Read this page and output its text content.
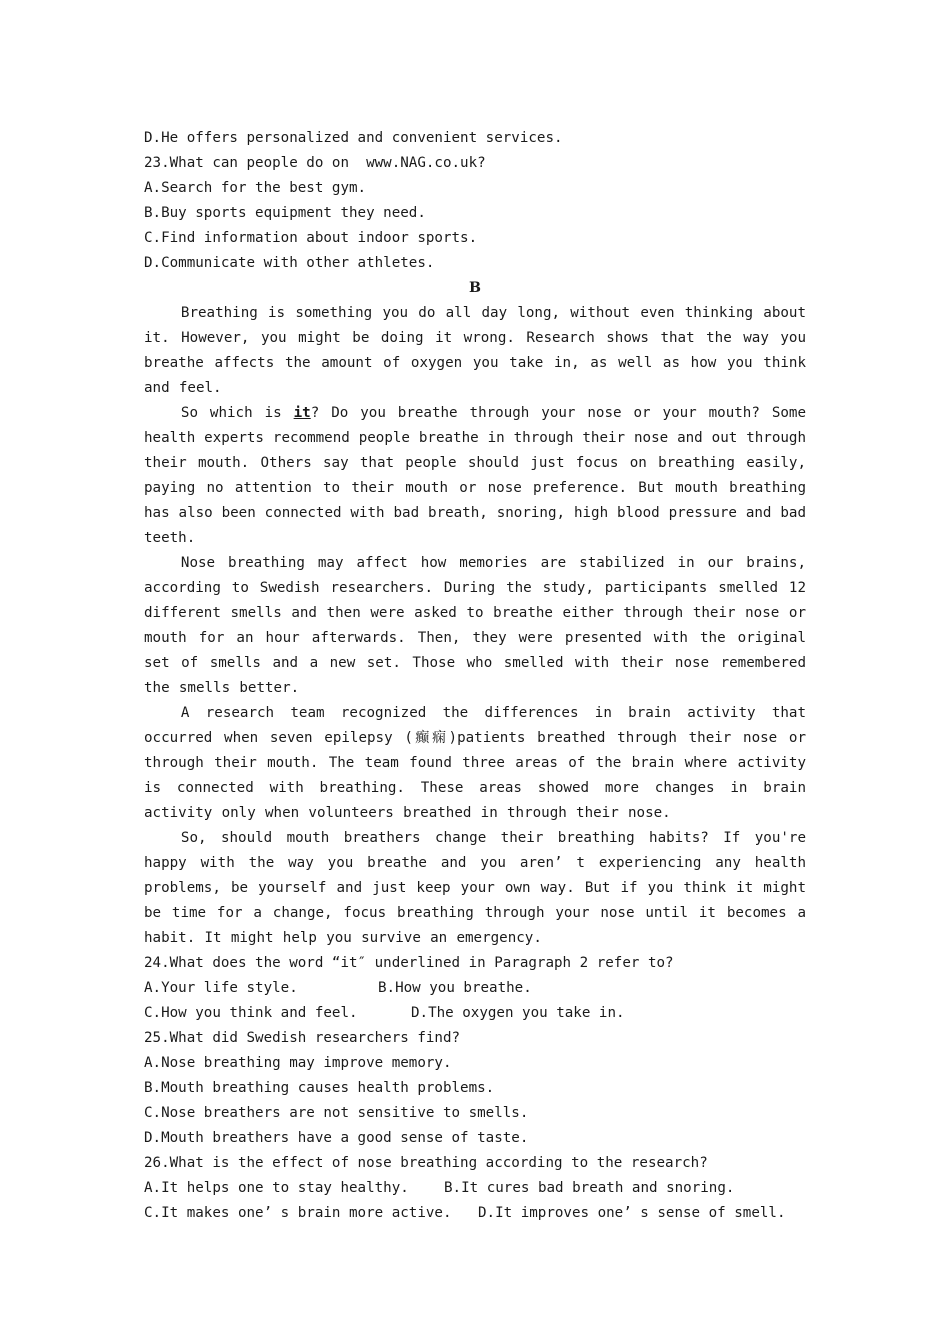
D.He offers personalized and convenient services.
23.What can people do on  www.NAG.co.uk?
A.Search for the best gym.
B.Buy sports equipment they need.
C.Find information about indoor sports.
D.Communicate with other athletes.
B

Breathing is something you do all day long, without even thinking about it. However, you might be doing it wrong. Research shows that the way you breathe affects the amount of oxygen you take in, as well as how you think and feel.

So which is it? Do you breathe through your nose or your mouth? Some health experts recommend people breathe in through their nose and out through their mouth. Others say that people should just focus on breathing easily, paying no attention to their mouth or nose preference. But mouth breathing has also been connected with bad breath, snoring, high blood pressure and bad teeth.

Nose breathing may affect how memories are stabilized in our brains, according to Swedish researchers. During the study, participants smelled 12 different smells and then were asked to breathe either through their nose or mouth for an hour afterwards. Then, they were presented with the original set of smells and a new set. Those who smelled with their nose remembered the smells better.

A research team recognized the differences in brain activity that occurred when seven epilepsy (癫痫)patients breathed through their nose or through their mouth. The team found three areas of the brain where activity is connected with breathing. These areas showed more changes in brain activity only when volunteers breathed in through their nose.

So, should mouth breathers change their breathing habits? If you're happy with the way you breathe and you aren’ t experiencing any health problems, be yourself and just keep your own way. But if you think it might be time for a change, focus breathing through your nose until it becomes a habit. It might help you survive an emergency.

24.What does the word “it″ underlined in Paragraph 2 refer to?
A.Your life style.	B.How you breathe.
C.How you think and feel.	D.The oxygen you take in.
25.What did Swedish researchers find?
A.Nose breathing may improve memory.
B.Mouth breathing causes health problems.
C.Nose breathers are not sensitive to smells.
D.Mouth breathers have a good sense of taste.
26.What is the effect of nose breathing according to the research?
A.It helps one to stay healthy.	B.It cures bad breath and snoring.
C.It makes one’ s brain more active.	D.It improves one’ s sense of smell.
